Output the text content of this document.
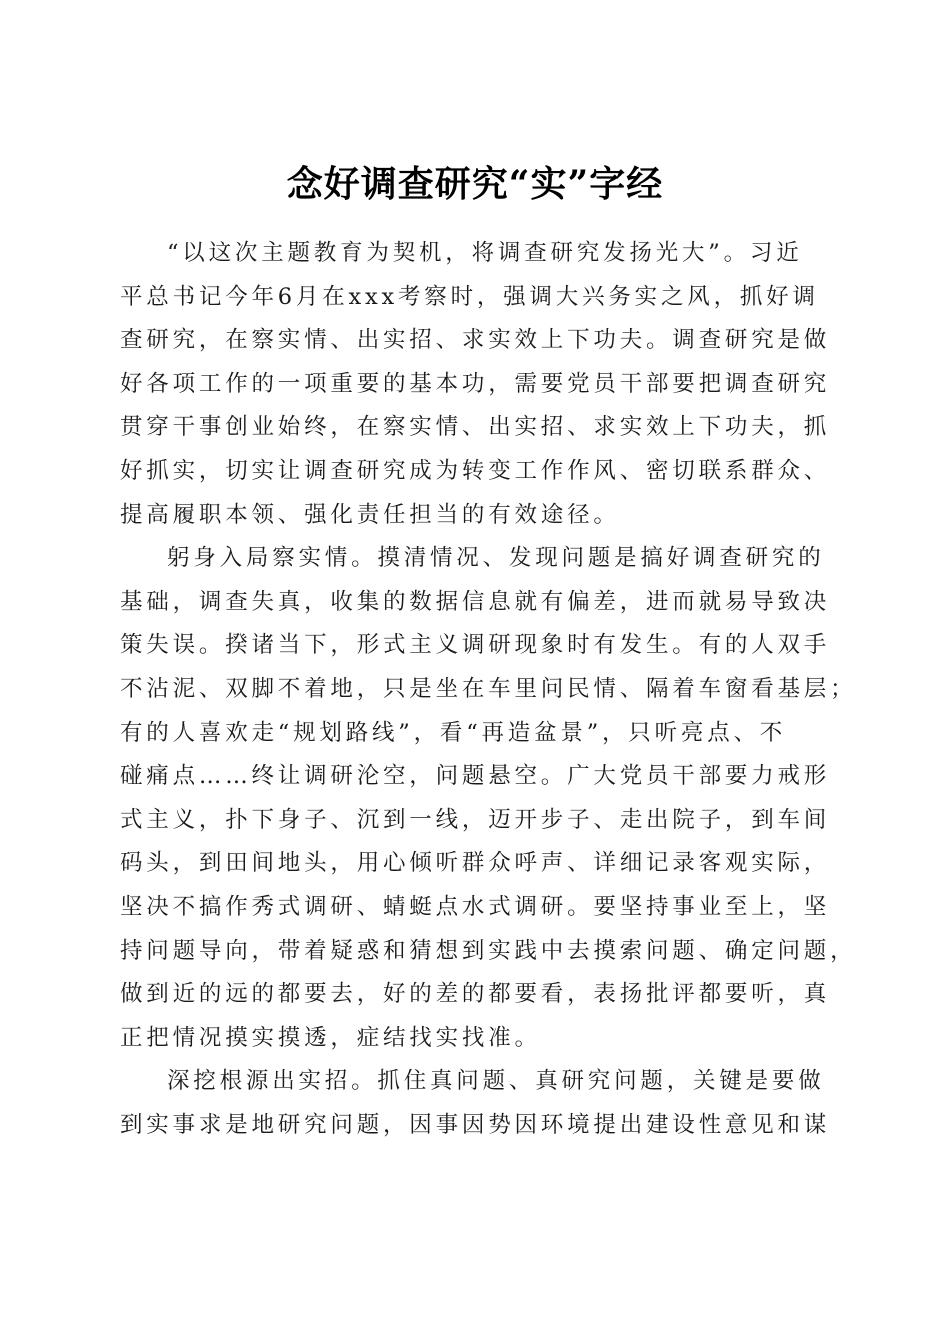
念好调查研究“实”字经
“以这次主题教育为契机，将调查研究发扬光大”。习近
平总书记今年6月在xxx考察时，强调大兴务实之风，抓好调
查研究，在察实情、出实招、求实效上下功夫。调查研究是做
好各项工作的一项重要的基本功，需要党员干部要把调查研究
贯穿干事创业始终，在察实情、出实招、求实效上下功夫，抓
好抓实，切实让调查研究成为转变工作作风、密切联系群众、
提高履职本领、强化责任担当的有效途径。
躬身入局察实情。摸清情况、发现问题是搞好调查研究的
基础，调查失真，收集的数据信息就有偏差，进而就易导致决
策失误。揆诸当下，形式主义调研现象时有发生。有的人双手
不沾泥、双脚不着地，只是坐在车里问民情、隔着车窗看基层；
有的人喜欢走“规划路线”，看“再造盆景”，只听亮点、不
碰痛点……终让调研沦空，问题悬空。广大党员干部要力戒形
式主义，扑下身子、沉到一线，迈开步子、走出院子，到车间
码头，到田间地头，用心倾听群众呼声、详细记录客观实际，
坚决不搞作秀式调研、蜻蜓点水式调研。要坚持事业至上，坚
持问题导向，带着疑惑和猜想到实践中去摸索问题、确定问题，
做到近的远的都要去，好的差的都要看，表扬批评都要听，真
正把情况摸实摸透，症结找实找准。
深挖根源出实招。抓住真问题、真研究问题，关键是要做
到实事求是地研究问题，因事因势因环境提出建设性意见和谋
